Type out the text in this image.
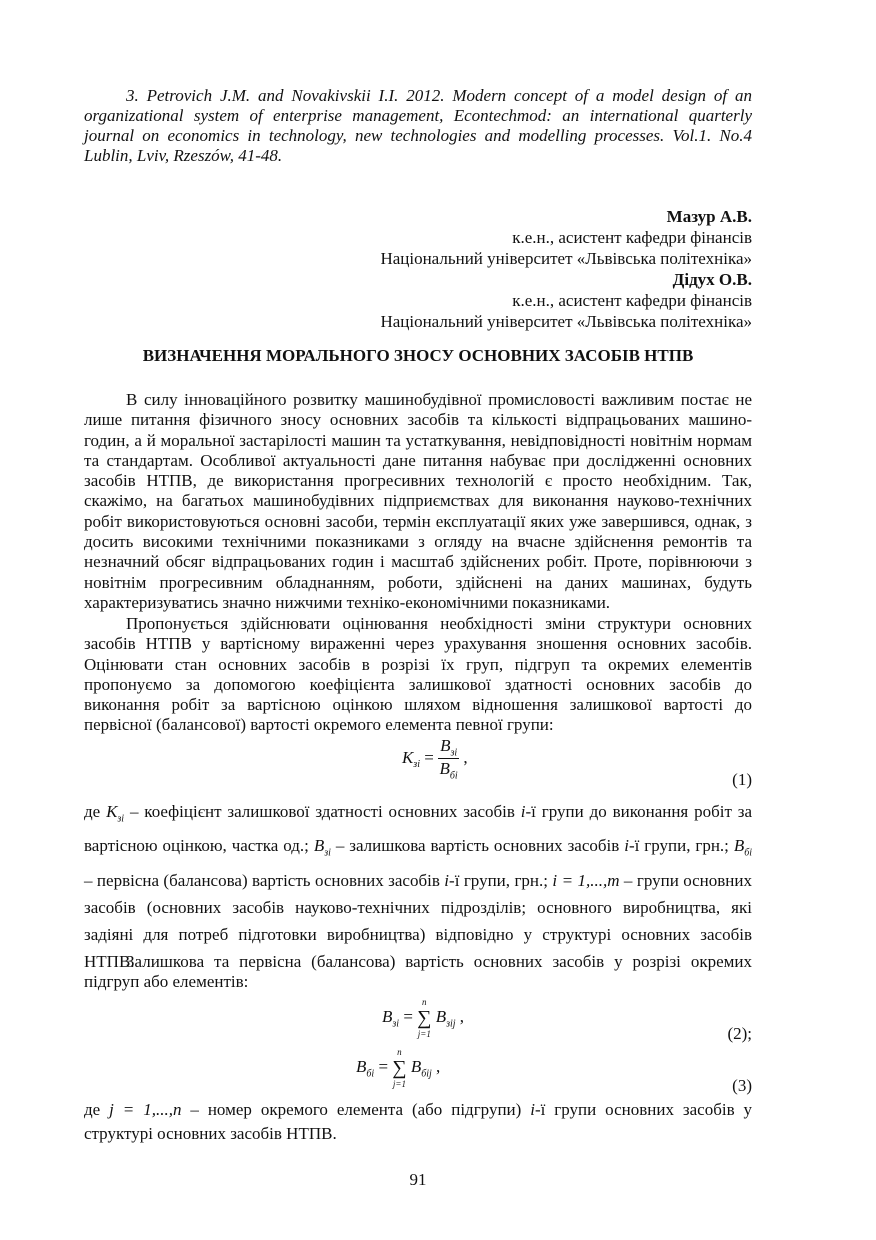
3. Petrovich J.M. and Novakivskii I.I. 2012. Modern concept of a model design of an organizational system of enterprise management, Econtechmod: an international quarterly journal on economics in technology, new technologies and modelling processes. Vol.1. No.4 Lublin, Lviv, Rzeszów, 41-48.
Мазур А.В.
к.е.н., асистент кафедри фінансів
Національний університет «Львівська політехніка»
Дідух О.В.
к.е.н., асистент кафедри фінансів
Національний університет «Львівська політехніка»
ВИЗНАЧЕННЯ МОРАЛЬНОГО ЗНОСУ ОСНОВНИХ ЗАСОБІВ НТПВ
В силу інноваційного розвитку машинобудівної промисловості важливим постає не лише питання фізичного зносу основних засобів та кількості відпрацьованих машино-годин, а й моральної застарілості машин та устаткування, невідповідності новітнім нормам та стандартам. Особливої актуальності дане питання набуває при дослідженні основних засобів НТПВ, де використання прогресивних технологій є просто необхідним. Так, скажімо, на багатьох машинобудівних підприємствах для виконання науково-технічних робіт використовуються основні засоби, термін експлуатації яких уже завершився, однак, з досить високими технічними показниками з огляду на вчасне здійснення ремонтів та незначний обсяг відпрацьованих годин і масштаб здійснених робіт. Проте, порівнюючи з новітнім прогресивним обладнанням, роботи, здійснені на даних машинах, будуть характеризуватись значно нижчими техніко-економічними показниками.
Пропонується здійснювати оцінювання необхідності зміни структури основних засобів НТПВ у вартісному вираженні через урахування зношення основних засобів. Оцінювати стан основних засобів в розрізі їх груп, підгруп та окремих елементів пропонуємо за допомогою коефіцієнта залишкової здатності основних засобів до виконання робіт за вартісною оцінкою шляхом відношення залишкової вартості до первісної (балансової) вартості окремого елемента певної групи:
$К_{зі} = \frac{В_{зі}}{В_{бі}}$ ,
(1)
де $К_{зі}$ – коефіцієнт залишкової здатності основних засобів i-ї групи до виконання робіт за вартісною оцінкою, частка од.; $В_{зі}$ – залишкова вартість основних засобів i-ї групи, грн.; $В_{бі}$ – первісна (балансова) вартість основних засобів i-ї групи, грн.; i = 1,...,m – групи основних засобів (основних засобів науково-технічних підрозділів; основного виробництва, які задіяні для потреб підготовки виробництва) відповідно у структурі основних засобів НТПВ.
Залишкова та первісна (балансова) вартість основних засобів у розрізі окремих підгруп або елементів:
$В_{зі}$ =
n
∑
j=1
$В_{зіj}$ ,
(2);
$В_{бі}$ =
n
∑
j=1
$В_{біj}$ ,
(3)
де j = 1,...,n – номер окремого елемента (або підгрупи) i-ї групи основних засобів у структурі основних засобів НТПВ.
91
